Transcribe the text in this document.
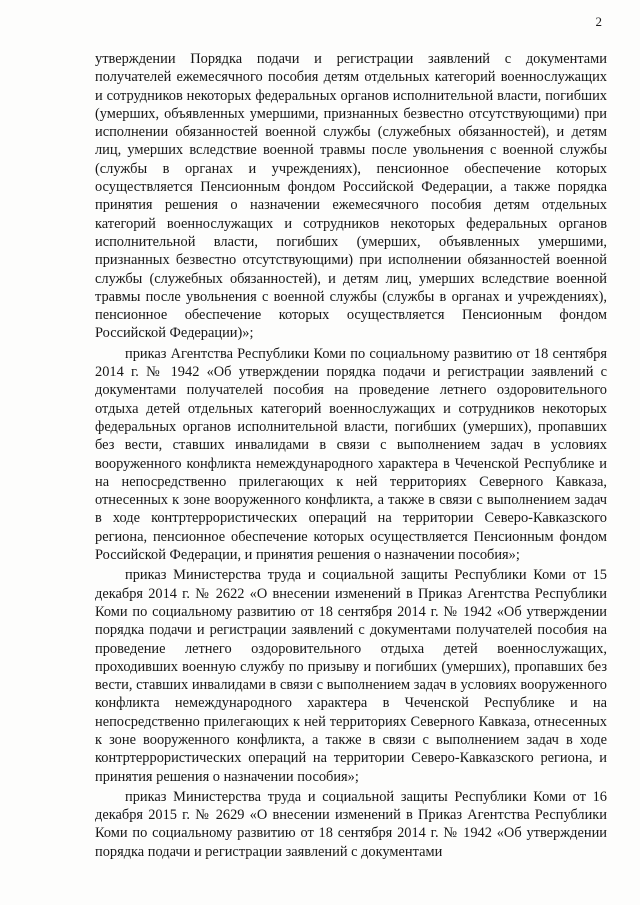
2

утверждении Порядка подачи и регистрации заявлений с документами получателей ежемесячного пособия детям отдельных категорий военнослужащих и сотрудников некоторых федеральных органов исполнительной власти, погибших (умерших, объявленных умершими, признанных безвестно отсутствующими) при исполнении обязанностей военной службы (служебных обязанностей), и детям лиц, умерших вследствие военной травмы после увольнения с военной службы (службы в органах и учреждениях), пенсионное обеспечение которых осуществляется Пенсионным фондом Российской Федерации, а также порядка принятия решения о назначении ежемесячного пособия детям отдельных категорий военнослужащих и сотрудников некоторых федеральных органов исполнительной власти, погибших (умерших, объявленных умершими, признанных безвестно отсутствующими) при исполнении обязанностей военной службы (служебных обязанностей), и детям лиц, умерших вследствие военной травмы после увольнения с военной службы (службы в органах и учреждениях), пенсионное обеспечение которых осуществляется Пенсионным фондом Российской Федерации)»;

приказ Агентства Республики Коми по социальному развитию от 18 сентября 2014 г. № 1942 «Об утверждении порядка подачи и регистрации заявлений с документами получателей пособия на проведение летнего оздоровительного отдыха детей отдельных категорий военнослужащих и сотрудников некоторых федеральных органов исполнительной власти, погибших (умерших), пропавших без вести, ставших инвалидами в связи с выполнением задач в условиях вооруженного конфликта немеждународного характера в Чеченской Республике и на непосредственно прилегающих к ней территориях Северного Кавказа, отнесенных к зоне вооруженного конфликта, а также в связи с выполнением задач в ходе контртеррористических операций на территории Северо-Кавказского региона, пенсионное обеспечение которых осуществляется Пенсионным фондом Российской Федерации, и принятия решения о назначении пособия»;

приказ Министерства труда и социальной защиты Республики Коми от 15 декабря 2014 г. № 2622 «О внесении изменений в Приказ Агентства Республики Коми по социальному развитию от 18 сентября 2014 г. № 1942 «Об утверждении порядка подачи и регистрации заявлений с документами получателей пособия на проведение летнего оздоровительного отдыха детей военнослужащих, проходивших военную службу по призыву и погибших (умерших), пропавших без вести, ставших инвалидами в связи с выполнением задач в условиях вооруженного конфликта немеждународного характера в Чеченской Республике и на непосредственно прилегающих к ней территориях Северного Кавказа, отнесенных к зоне вооруженного конфликта, а также в связи с выполнением задач в ходе контртеррористических операций на территории Северо-Кавказского региона, и принятия решения о назначении пособия»;

приказ Министерства труда и социальной защиты Республики Коми от 16 декабря 2015 г. № 2629 «О внесении изменений в Приказ Агентства Республики Коми по социальному развитию от 18 сентября 2014 г. № 1942 «Об утверждении порядка подачи и регистрации заявлений с документами
